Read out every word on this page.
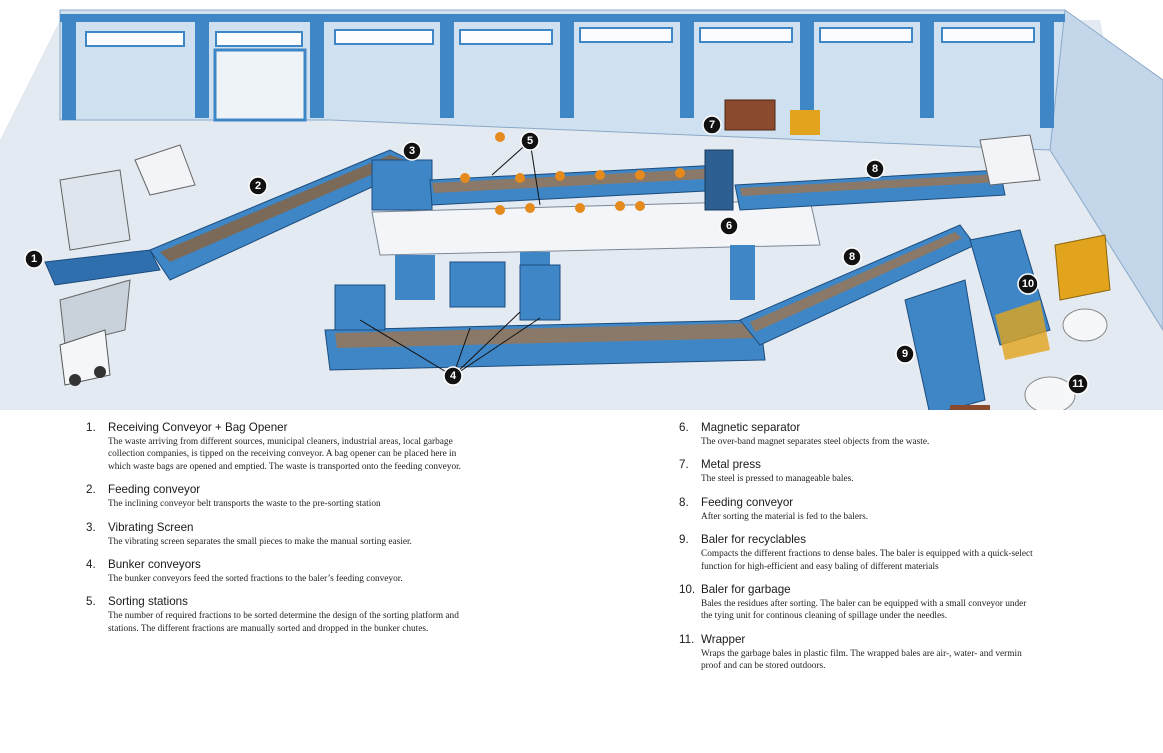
1
2
3
4
5
6
7
8
8
9
10
11
1.	Receiving Conveyor + Bag Opener
The waste arriving from different sources, municipal cleaners, industrial areas, local garbage collection companies, is tipped on the receiving conveyor. A bag opener can be placed here in which waste bags are opened and emptied. The waste is transported onto the feeding conveyor.
2.	Feeding conveyor
The inclining conveyor belt transports the waste to the pre-sorting station
3.	Vibrating Screen
The vibrating screen separates the small pieces to make the manual sorting easier.
4.	Bunker conveyors
The bunker conveyors feed the sorted fractions to the baler’s feeding conveyor.
5.	Sorting stations
The number of required fractions to be sorted determine the design of the sorting platform and stations. The different fractions are manually sorted and dropped in the bunker chutes.
6.	Magnetic separator
The over-band magnet separates steel objects from the waste.
7.	Metal press
The steel is pressed to manageable bales.
8.	Feeding conveyor
After sorting the material is fed to the balers.
9.	Baler for recyclables
Compacts the different fractions to dense bales. The baler is equipped with a quick-select function for high-efficient and easy baling of different materials
10. Baler for garbage
Bales the residues after sorting. The baler can be equipped with a small conveyor under the tying unit for continous cleaning of spillage under the needles.
11. Wrapper
Wraps the garbage bales in plastic film. The wrapped bales are air-, water- and vermin proof and can be stored outdoors.
